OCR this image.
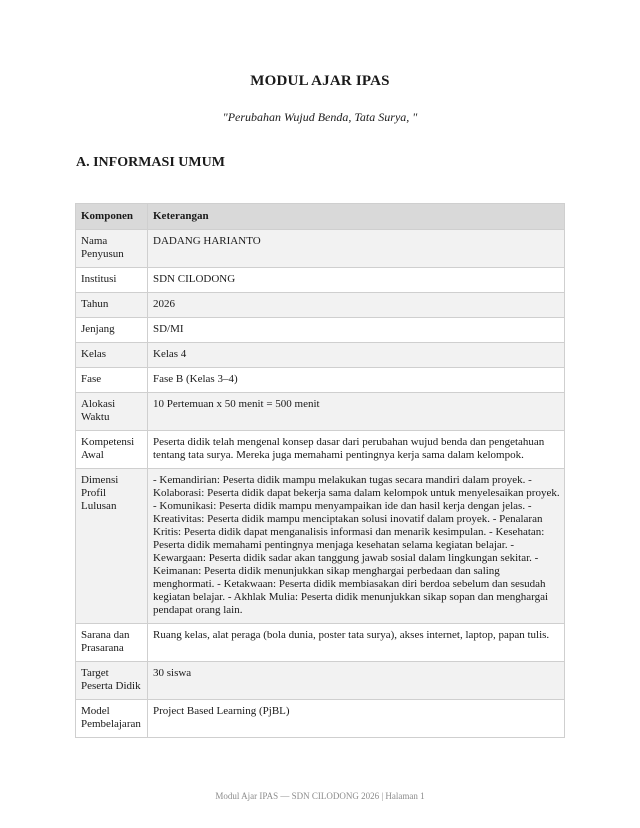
MODUL AJAR IPAS
"Perubahan Wujud Benda, Tata Surya, "
A. INFORMASI UMUM
Komponen	Keterangan
Nama Penyusun	DADANG HARIANTO
Institusi	SDN CILODONG
Tahun	2026
Jenjang	SD/MI
Kelas	Kelas 4
Fase	Fase B (Kelas 3–4)
Alokasi Waktu	10 Pertemuan x 50 menit = 500 menit
Kompetensi Awal	Peserta didik telah mengenal konsep dasar dari perubahan wujud benda dan pengetahuan tentang tata surya. Mereka juga memahami pentingnya kerja sama dalam kelompok.
Dimensi Profil Lulusan	- Kemandirian: Peserta didik mampu melakukan tugas secara mandiri dalam proyek. - Kolaborasi: Peserta didik dapat bekerja sama dalam kelompok untuk menyelesaikan proyek. - Komunikasi: Peserta didik mampu menyampaikan ide dan hasil kerja dengan jelas. - Kreativitas: Peserta didik mampu menciptakan solusi inovatif dalam proyek. - Penalaran Kritis: Peserta didik dapat menganalisis informasi dan menarik kesimpulan. - Kesehatan: Peserta didik memahami pentingnya menjaga kesehatan selama kegiatan belajar. - Kewargaan: Peserta didik sadar akan tanggung jawab sosial dalam lingkungan sekitar. - Keimanan: Peserta didik menunjukkan sikap menghargai perbedaan dan saling menghormati. - Ketakwaan: Peserta didik membiasakan diri berdoa sebelum dan sesudah kegiatan belajar. - Akhlak Mulia: Peserta didik menunjukkan sikap sopan dan menghargai pendapat orang lain.
Sarana dan Prasarana	Ruang kelas, alat peraga (bola dunia, poster tata surya), akses internet, laptop, papan tulis.
Target Peserta Didik	30 siswa
Model Pembelajaran	Project Based Learning (PjBL)
Modul Ajar IPAS — SDN CILODONG 2026 | Halaman 1
